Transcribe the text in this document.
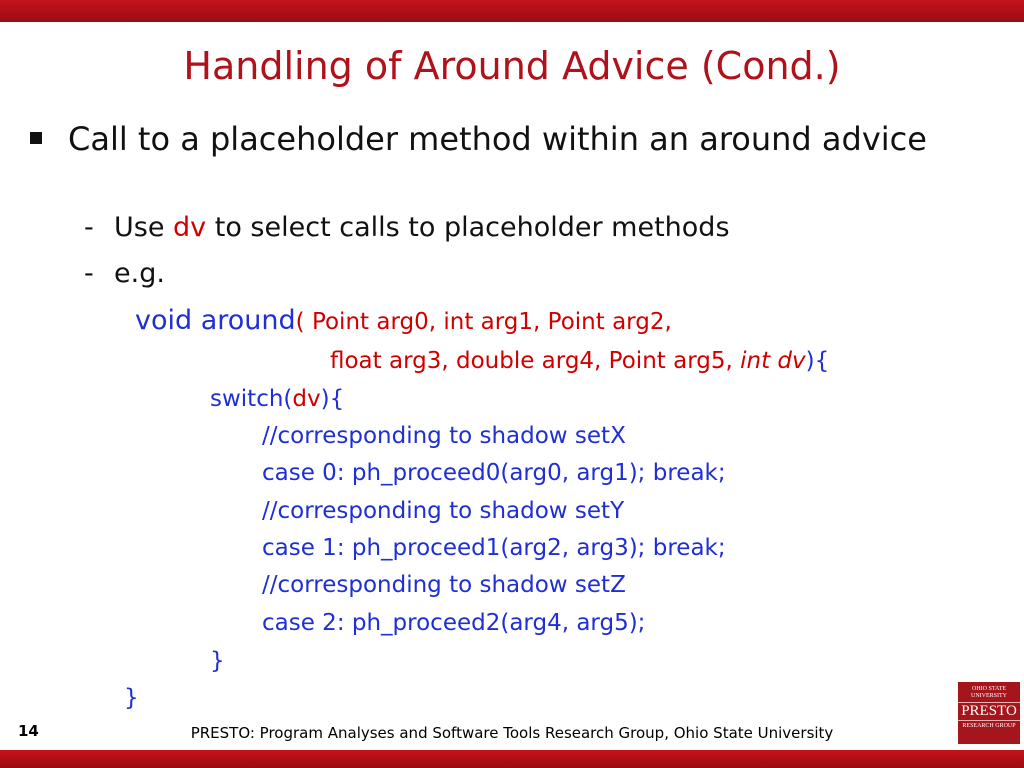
Handling of Around Advice (Cond.)
Call to a placeholder method within an around advice
- Use dv to select calls to placeholder methods
- e.g.
void around( Point arg0, int arg1, Point arg2,
float arg3, double arg4, Point arg5, int dv){
switch(dv){
//corresponding to shadow setX
case 0: ph_proceed0(arg0, arg1); break;
//corresponding to shadow setY
case 1: ph_proceed1(arg2, arg3); break;
//corresponding to shadow setZ
case 2: ph_proceed2(arg4, arg5);
}
}
14	PRESTO: Program Analyses and Software Tools Research Group, Ohio State University
OHIO STATE UNIVERSITY
PRESTO
RESEARCH GROUP
